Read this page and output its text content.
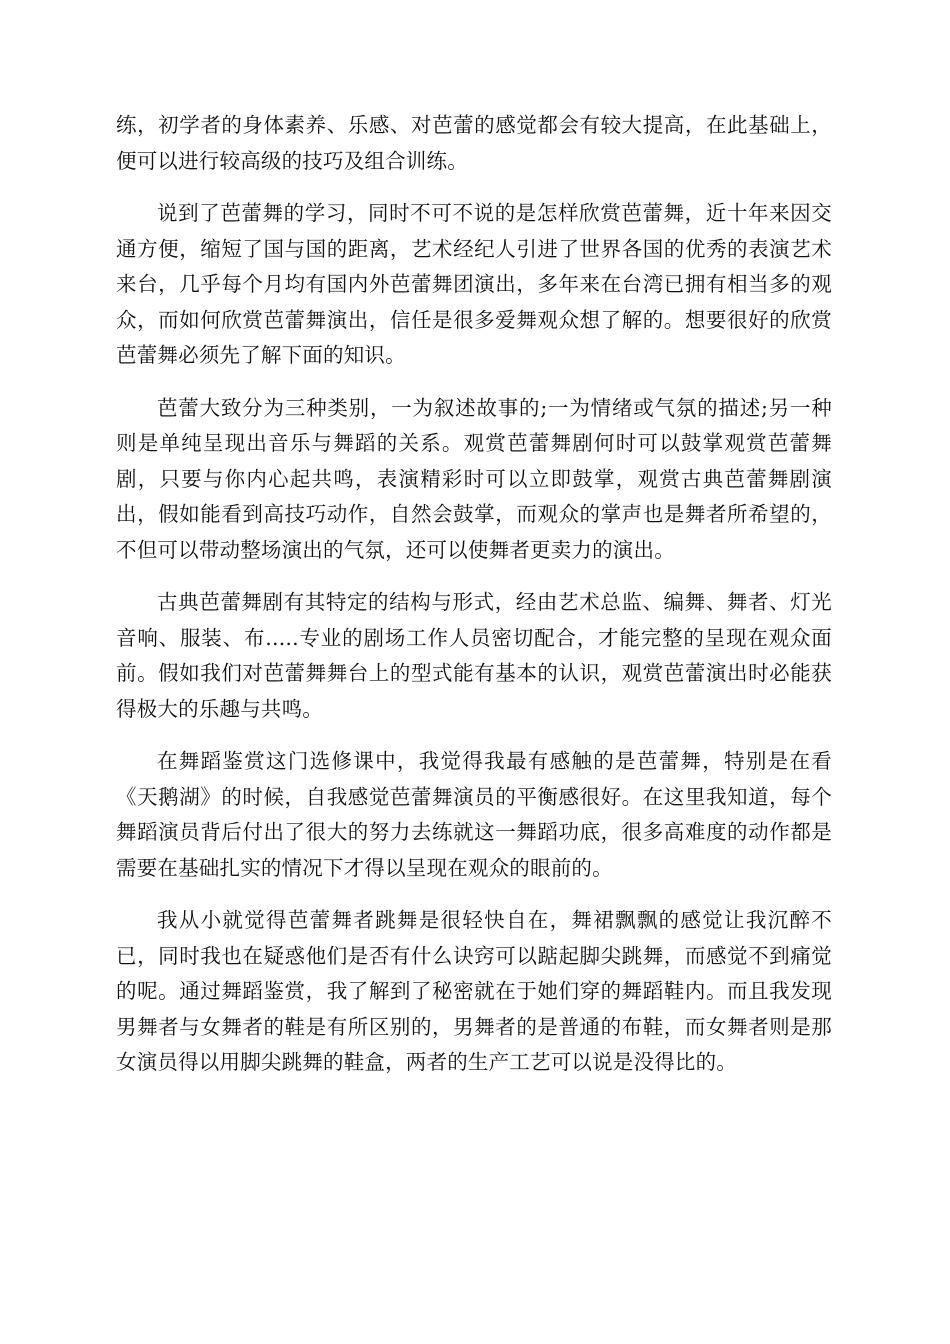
练，初学者的身体素养、乐感、对芭蕾的感觉都会有较大提高，在此基础上，便可以进行较高级的技巧及组合训练。

说到了芭蕾舞的学习，同时不可不说的是怎样欣赏芭蕾舞，近十年来因交通方便，缩短了国与国的距离，艺术经纪人引进了世界各国的优秀的表演艺术来台，几乎每个月均有国内外芭蕾舞团演出，多年来在台湾已拥有相当多的观众，而如何欣赏芭蕾舞演出，信任是很多爱舞观众想了解的。想要很好的欣赏芭蕾舞必须先了解下面的知识。

芭蕾大致分为三种类别，一为叙述故事的;一为情绪或气氛的描述;另一种则是单纯呈现出音乐与舞蹈的关系。观赏芭蕾舞剧何时可以鼓掌观赏芭蕾舞剧，只要与你内心起共鸣，表演精彩时可以立即鼓掌，观赏古典芭蕾舞剧演出，假如能看到高技巧动作，自然会鼓掌，而观众的掌声也是舞者所希望的，不但可以带动整场演出的气氛，还可以使舞者更卖力的演出。

古典芭蕾舞剧有其特定的结构与形式，经由艺术总监、编舞、舞者、灯光音响、服装、布.....专业的剧场工作人员密切配合，才能完整的呈现在观众面前。假如我们对芭蕾舞舞台上的型式能有基本的认识，观赏芭蕾演出时必能获得极大的乐趣与共鸣。

在舞蹈鉴赏这门选修课中，我觉得我最有感触的是芭蕾舞，特别是在看《天鹅湖》的时候，自我感觉芭蕾舞演员的平衡感很好。在这里我知道，每个舞蹈演员背后付出了很大的努力去练就这一舞蹈功底，很多高难度的动作都是需要在基础扎实的情况下才得以呈现在观众的眼前的。

我从小就觉得芭蕾舞者跳舞是很轻快自在，舞裙飘飘的感觉让我沉醉不已，同时我也在疑惑他们是否有什么诀窍可以踮起脚尖跳舞，而感觉不到痛觉的呢。通过舞蹈鉴赏，我了解到了秘密就在于她们穿的舞蹈鞋内。而且我发现男舞者与女舞者的鞋是有所区别的，男舞者的是普通的布鞋，而女舞者则是那女演员得以用脚尖跳舞的鞋盒，两者的生产工艺可以说是没得比的。
